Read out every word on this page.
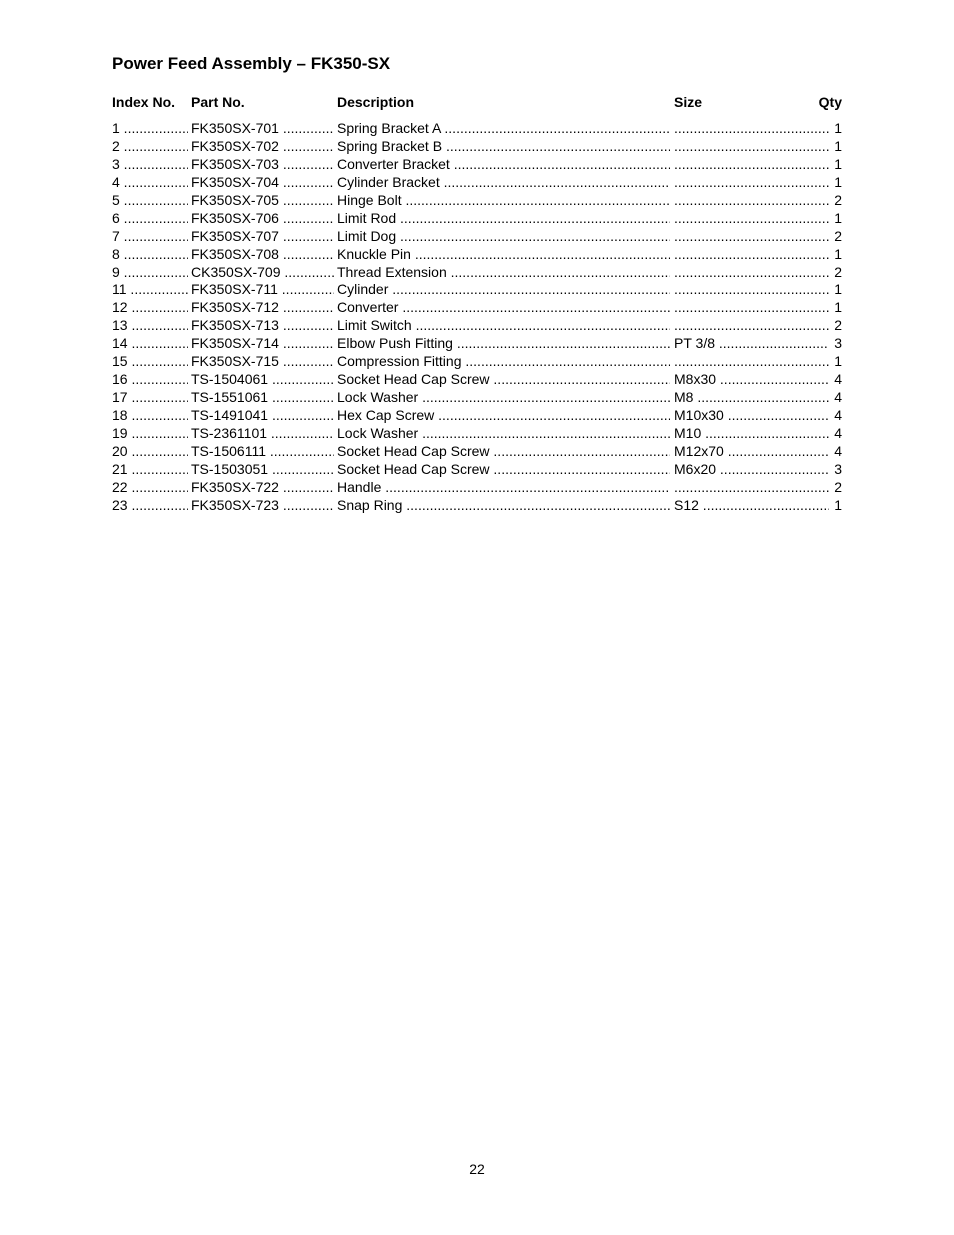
Power Feed Assembly – FK350-SX
Index No. Part No.	Description	Size	Qty
1 .....	FK350SX-701 .....	Spring Bracket A ..... .....	1
2 .....	FK350SX-702 .....	Spring Bracket B ..... .....	1
3 .....	FK350SX-703 .....	Converter Bracket ..... .....	1
4 .....	FK350SX-704 .....	Cylinder Bracket ..... .....	1
5 .....	FK350SX-705 .....	Hinge Bolt ..... .....	2
6 .....	FK350SX-706 .....	Limit Rod ..... .....	1
7 .....	FK350SX-707 .....	Limit Dog ..... .....	2
8 .....	FK350SX-708 .....	Knuckle Pin ..... .....	1
9 .....	CK350SX-709 .....	Thread Extension ..... .....	2
11 .....	FK350SX-711 .....	Cylinder ..... .....	1
12 .....	FK350SX-712 .....	Converter ..... .....	1
13 .....	FK350SX-713 .....	Limit Switch ..... .....	2
14 .....	FK350SX-714 .....	Elbow Push Fitting .....	PT 3/8 .....	3
15 .....	FK350SX-715 .....	Compression Fitting ..... .....	1
16 .....	TS-1504061 .....	Socket Head Cap Screw .....	M8x30 .....	4
17 .....	TS-1551061 .....	Lock Washer .....	M8 .....	4
18 .....	TS-1491041 .....	Hex Cap Screw .....	M10x30 .....	4
19 .....	TS-2361101 .....	Lock Washer .....	M10 .....	4
20 .....	TS-1506111 .....	Socket Head Cap Screw .....	M12x70 .....	4
21 .....	TS-1503051 .....	Socket Head Cap Screw .....	M6x20 .....	3
22 .....	FK350SX-722 .....	Handle ..... .....	2
23 .....	FK350SX-723 .....	Snap Ring .....	S12 .....	1
22
